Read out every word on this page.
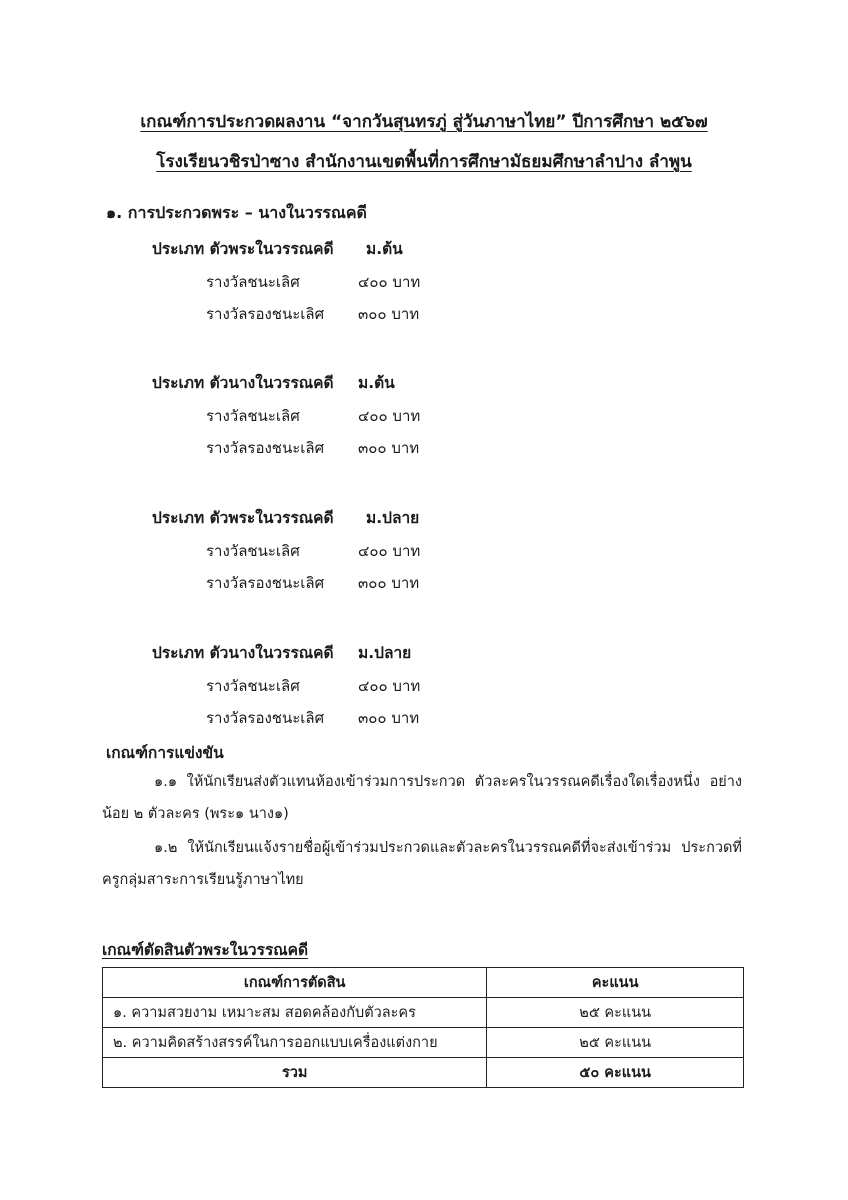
เกณฑ์การประกวดผลงาน “จากวันสุนทรภู่ สู่วันภาษาไทย” ปีการศึกษา ๒๕๖๗
โรงเรียนวชิรป่าซาง สำนักงานเขตพื้นที่การศึกษามัธยมศึกษาลำปาง ลำพูน
๑. การประกวดพระ – นางในวรรณคดี
ประเภท ตัวพระในวรรณคดี ม.ต้น
รางวัลชนะเลิศ	๔๐๐ บาท
รางวัลรองชนะเลิศ ๓๐๐ บาท
ประเภท ตัวนางในวรรณคดี ม.ต้น
รางวัลชนะเลิศ	๔๐๐ บาท
รางวัลรองชนะเลิศ ๓๐๐ บาท
ประเภท ตัวพระในวรรณคดี ม.ปลาย
รางวัลชนะเลิศ	๔๐๐ บาท
รางวัลรองชนะเลิศ ๓๐๐ บาท
ประเภท ตัวนางในวรรณคดี ม.ปลาย
รางวัลชนะเลิศ	๔๐๐ บาท
รางวัลรองชนะเลิศ ๓๐๐ บาท
เกณฑ์การแข่งขัน
๑.๑ ให้นักเรียนส่งตัวแทนห้องเข้าร่วมการประกวด ตัวละครในวรรณคดีเรื่องใดเรื่องหนึ่ง อย่างน้อย ๒ ตัวละคร (พระ๑ นาง๑)
๑.๒ ให้นักเรียนแจ้งรายชื่อผู้เข้าร่วมประกวดและตัวละครในวรรณคดีที่จะส่งเข้าร่วม ประกวดที่ครูกลุ่มสาระการเรียนรู้ภาษาไทย
เกณฑ์ตัดสินตัวพระในวรรณคดี
เกณฑ์การตัดสิน	คะแนน
๑. ความสวยงาม เหมาะสม สอดคล้องกับตัวละคร	๒๕ คะแนน
๒. ความคิดสร้างสรรค์ในการออกแบบเครื่องแต่งกาย	๒๕ คะแนน
รวม	๕๐ คะแนน
